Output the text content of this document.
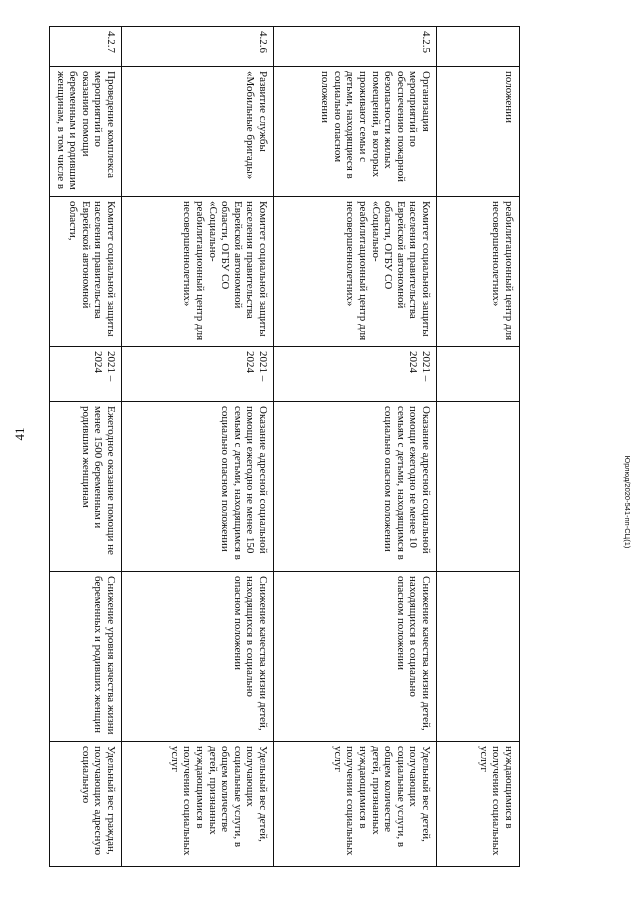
41
Юрлюд/2020-541-пп-СЦ(1)
	положении	реабилитационный центр для несовершеннолетних»				нуждающимися в получении социальных услуг
4.2.5	Организация мероприятий по обеспечению пожарной безопасности жилых помещений, в которых проживают семьи с детьми, находящиеся в социально опасном положении	Комитет социальной защиты населения правительства Еврейской автономной области, ОГБУ СО «Социально-реабилитационный центр для несовершеннолетних»	2021 – 2024	Оказание адресной социальной помощи ежегодно не менее 10 семьям с детьми, находящимся в социально опасном положении	Снижение качества жизни детей, находящихся в социально опасном положении	Удельный вес детей, получающих социальные услуги, в общем количестве детей, признанных нуждающимися в получении социальных услуг
4.2.6	Развитие службы «Мобильные бригады»	Комитет социальной защиты населения правительства Еврейской автономной области, ОГБУ СО «Социально-реабилитационный центр для несовершеннолетних»	2021 – 2024	Оказание адресной социальной помощи ежегодно не менее 150 семьям с детьми, находящимся в социально опасном положении	Снижение качества жизни детей, находящихся в социально опасном положении	Удельный вес детей, получающих социальные услуги, в общем количестве детей, признанных нуждающимися в получении социальных услуг
4.2.7	Проведение комплекса мероприятий по оказанию помощи беременным и родившим женщинам, в том числе в	Комитет социальной защиты населения правительства Еврейской автономной области,	2021 – 2024	Ежегодное оказание помощи не менее 1500 беременным и родившим женщинам	Снижение уровня качества жизни беременных и родивших женщин	Удельный вес граждан, получающих адресную социальную
